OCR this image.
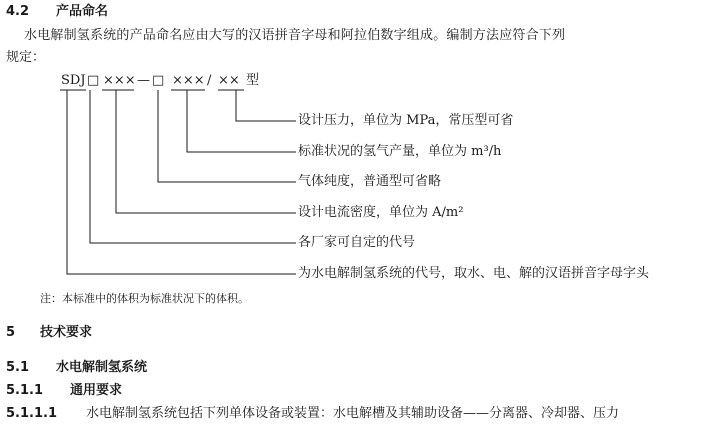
4.2 产品命名
水电解制氢系统的产品命名应由大写的汉语拼音字母和阿拉伯数字组成。编制方法应符合下列
规定：
SDJ □ ××× — □ ××× / ×× 型
设计压力，单位为 MPa，常压型可省
标准状况的氢气产量，单位为 m³/h
气体纯度，普通型可省略
设计电流密度，单位为 A/m²
各厂家可自定的代号
为水电解制氢系统的代号，取水、电、解的汉语拼音字母字头
注：本标准中的体积为标准状况下的体积。
5 技术要求
5.1 水电解制氢系统
5.1.1 通用要求
5.1.1.1 水电解制氢系统包括下列单体设备或装置：水电解槽及其辅助设备——分离器、冷却器、压力
